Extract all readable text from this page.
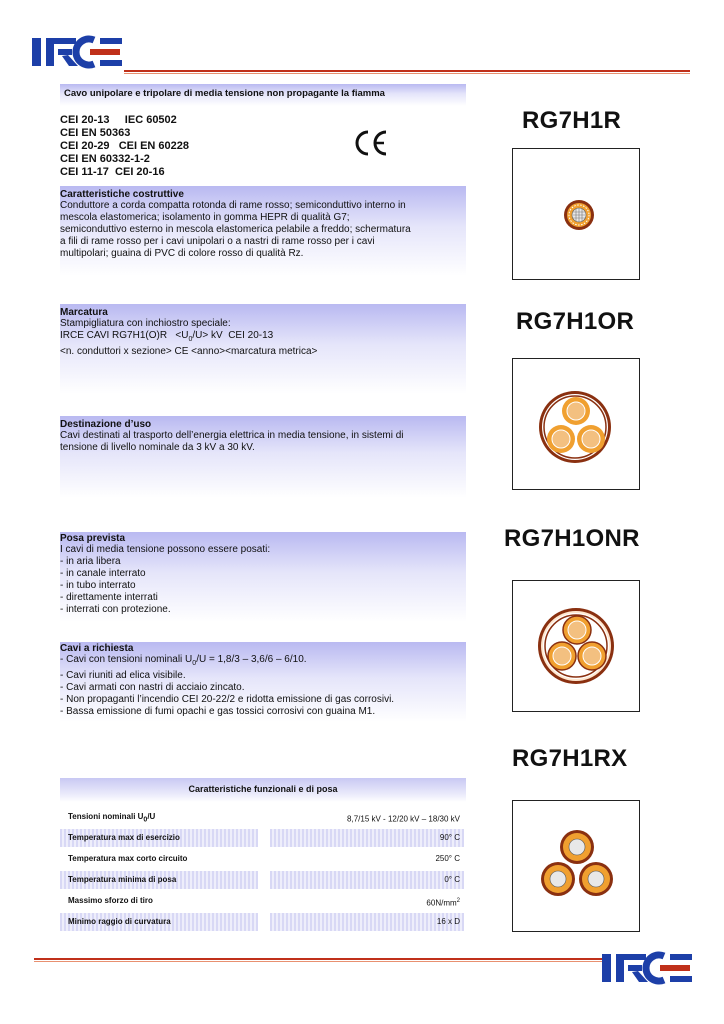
Cavo unipolare e tripolare di media tensione non propagante la fiamma

CEI 20-13     IEC 60502
CEI EN 50363
CEI 20-29   CEI EN 60228
CEI EN 60332-1-2
CEI 11-17  CEI 20-16

Caratteristiche costruttive

Conduttore a corda compatta rotonda di rame rosso; semiconduttivo interno in

mescola elastomerica; isolamento in gomma HEPR di qualità G7;

semiconduttivo esterno in mescola elastomerica pelabile a freddo; schermatura

a fili di rame rosso per i cavi unipolari o a nastri di rame rosso per i cavi

multipolari; guaina di PVC di colore rosso di qualità Rz.

Marcatura

Stampigliatura con inchiostro speciale:

IRCE CAVI $RG7H1(O)R <U_0/U>$ kV  CEI 20-13

<n. conduttori x sezione> CE <anno><marcatura metrica>

Destinazione d’uso

Cavi destinati al trasporto dell’energia elettrica in media tensione, in sistemi di

tensione di livello nominale da 3 kV a 30 kV.

Posa prevista

I cavi di media tensione possono essere posati:

- in aria libera

- in canale interrato

- in tubo interrato

- direttamente interrati

- interrati con protezione.

Cavi a richiesta

- Cavi con tensioni nominali $U_0/U = 1,8/3 - 3,6/6 - 6/10$.

- Cavi riuniti ad elica visibile.

- Cavi armati con nastri di acciaio zincato.

- Non propaganti l’incendio CEI 20-22/2 e ridotta emissione di gas corrosivi.

- Bassa emissione di fumi opachi e gas tossici corrosivi con guaina M1.

Caratteristiche funzionali e di posa
Tensioni nominali $U_0/U$	8,7/15 kV - 12/20 kV – 18/30 kV
Temperatura max di esercizio	90° C
Temperatura max corto circuito	250° C
Temperatura minima di posa	0° C
Massimo sforzo di tiro	$60N/mm^2$
Minimo raggio di curvatura	16 x D
RG7H1R
RG7H1OR
RG7H1ONR
RG7H1RX
